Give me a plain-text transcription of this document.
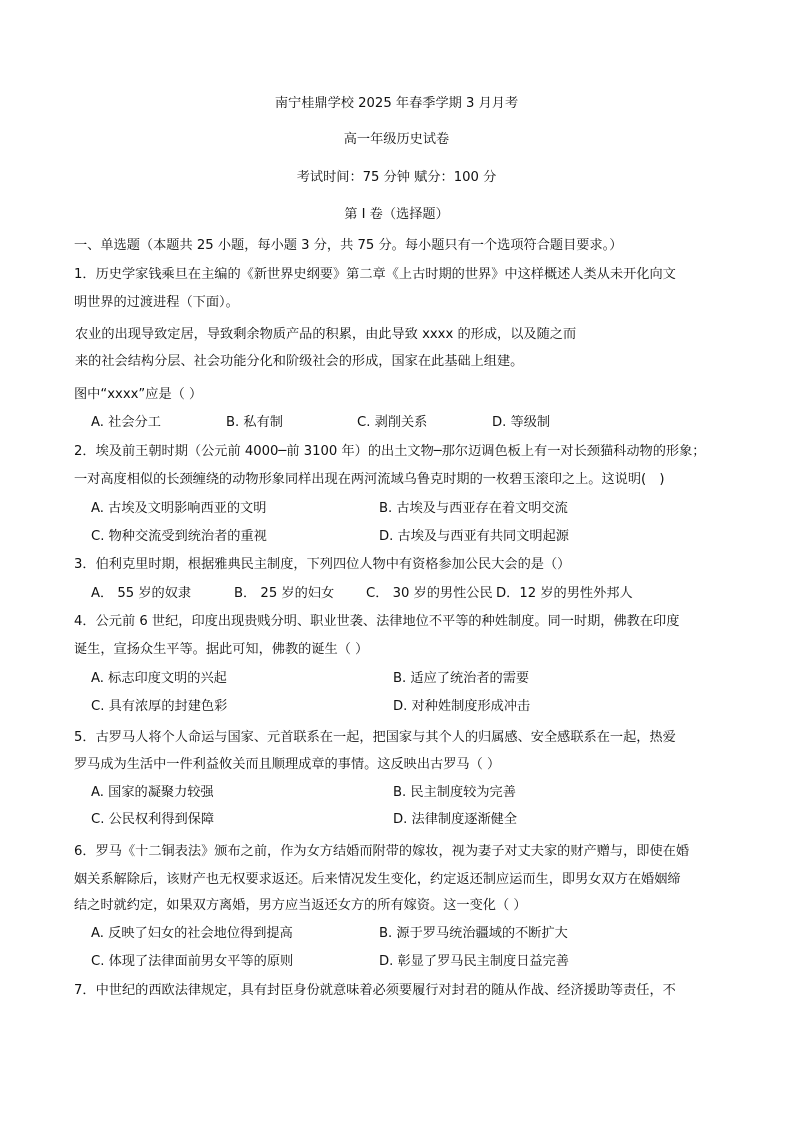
南宁桂鼎学校 2025 年春季学期 3 月月考
高一年级历史试卷
考试时间：75 分钟 赋分：100 分
第 I 卷（选择题）
一、单选题（本题共 25 小题，每小题 3 分，共 75 分。每小题只有一个选项符合题目要求。）
1．历史学家钱乘旦在主编的《新世界史纲要》第二章《上古时期的世界》中这样概述人类从未开化向文
明世界的过渡进程（下面）。
农业的出现导致定居，导致剩余物质产品的积累，由此导致 xxxx 的形成，以及随之而
来的社会结构分层、社会功能分化和阶级社会的形成，国家在此基础上组建。
图中“xxxx”应是（ ）
A. 社会分工	B. 私有制	C. 剥削关系	D. 等级制
2．埃及前王朝时期（公元前 4000─前 3100 年）的出土文物─那尔迈调色板上有一对长颈猫科动物的形象；
一对高度相似的长颈缠绕的动物形象同样出现在两河流域乌鲁克时期的一枚碧玉滚印之上。这说明(　)
A. 古埃及文明影响西亚的文明	B. 古埃及与西亚存在着文明交流
C. 物种交流受到统治者的重视	D. 古埃及与西亚有共同文明起源
3．伯利克里时期，根据雅典民主制度，下列四位人物中有资格参加公民大会的是（）
A． 55 岁的奴隶	B． 25 岁的妇女 C． 30 岁的男性公民 D．12 岁的男性外邦人
4．公元前 6 世纪，印度出现贵贱分明、职业世袭、法律地位不平等的种姓制度。同一时期，佛教在印度
诞生，宣扬众生平等。据此可知，佛教的诞生（ ）
A. 标志印度文明的兴起	B. 适应了统治者的需要
C. 具有浓厚的封建色彩	D. 对种姓制度形成冲击
5．古罗马人将个人命运与国家、元首联系在一起，把国家与其个人的归属感、安全感联系在一起，热爱
罗马成为生活中一件利益攸关而且顺理成章的事情。这反映出古罗马（ ）
A. 国家的凝聚力较强	B. 民主制度较为完善
C. 公民权利得到保障	D. 法律制度逐渐健全
6．罗马《十二铜表法》颁布之前，作为女方结婚而附带的嫁妆，视为妻子对丈夫家的财产赠与，即使在婚
姻关系解除后，该财产也无权要求返还。后来情况发生变化，约定返还制应运而生，即男女双方在婚姻缔
结之时就约定，如果双方离婚，男方应当返还女方的所有嫁资。这一变化（ ）
A. 反映了妇女的社会地位得到提高	B. 源于罗马统治疆域的不断扩大
C. 体现了法律面前男女平等的原则	D. 彰显了罗马民主制度日益完善
7．中世纪的西欧法律规定，具有封臣身份就意味着必须要履行对封君的随从作战、经济援助等责任，不
